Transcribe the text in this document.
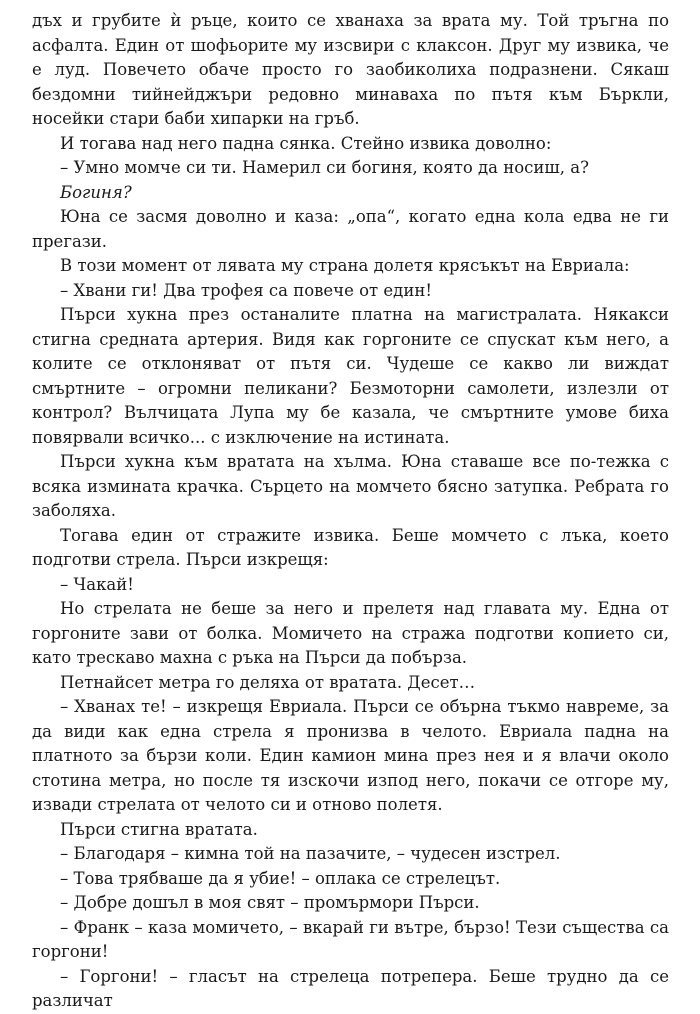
дъх и грубите ѝ ръце, които се хванаха за врата му. Той тръгна по асфалта. Един от шофьорите му изсвири с клаксон. Друг му извика, че е луд. Повечето обаче просто го заобиколиха подразнени. Сякаш бездомни тийнейджъри редовно минаваха по пътя към Бъркли, носейки стари баби хипарки на гръб.

И тогава над него падна сянка. Стейно извика доволно:

– Умно момче си ти. Намерил си богиня, която да носиш, а?

Богиня?

Юна се засмя доволно и каза: „опа“, когато една кола едва не ги прегази.

В този момент от лявата му страна долетя крясъкът на Евриала:

– Хвани ги! Два трофея са повече от един!

Пърси хукна през останалите платна на магистралата. Някакси стигна средната артерия. Видя как горгоните се спускат към него, а колите се отклоняват от пътя си. Чудеше се какво ли виждат смъртните – огромни пеликани? Безмоторни самолети, излезли от контрол? Вълчицата Лупа му бе казала, че смъртните умове биха повярвали всичко... с изключение на истината.

Пърси хукна към вратата на хълма. Юна ставаше все по-тежка с всяка измината крачка. Сърцето на момчето бясно затупка. Ребрата го заболяха.

Тогава един от стражите извика. Беше момчето с лъка, което подготви стрела. Пърси изкрещя:

– Чакай!

Но стрелата не беше за него и прелетя над главата му. Една от горгоните зави от болка. Момичето на стража подготви копието си, като трескаво махна с ръка на Пърси да побърза.

Петнайсет метра го деляха от вратата. Десет…

– Хванах те! – изкрещя Евриала. Пърси се обърна тъкмо навреме, за да види как една стрела я пронизва в челото. Евриала падна на платното за бързи коли. Един камион мина през нея и я влачи около стотина метра, но после тя изскочи изпод него, покачи се отгоре му, извади стрелата от челото си и отново полетя.

Пърси стигна вратата.

– Благодаря – кимна той на пазачите, – чудесен изстрел.

– Това трябваше да я убие! – оплака се стрелецът.

– Добре дошъл в моя свят – промърмори Пърси.

– Франк – каза момичето, – вкарай ги вътре, бързо! Тези същества са горгони!

– Горгони! – гласът на стрелеца потрепера. Беше трудно да се различат
